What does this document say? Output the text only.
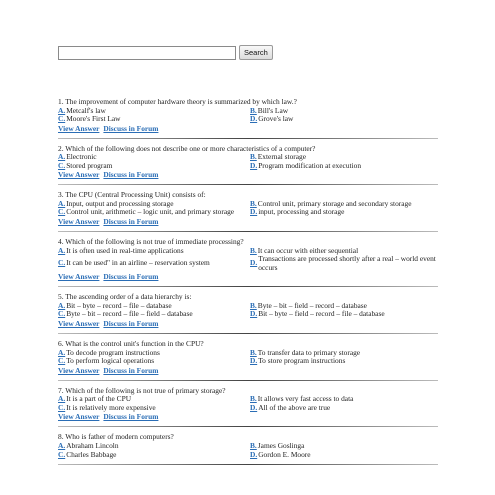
Search
1. The improvement of computer hardware theory is summarized by which law.?
A. Metcalf's law	B. Bill's Law
C. Moore's First Law	D. Grove's law
View Answer Discuss in Forum
2. Which of the following does not describe one or more characteristics of a computer?
A. Electronic	B. External storage
C. Stored program	D. Program modification at execution
View Answer Discuss in Forum
3. The CPU (Central Processing Unit) consists of:
A. Input, output and processing storage	B. Control unit, primary storage and secondary storage
C. Control unit, arithmetic – logic unit, and primary storage D. input, processing and storage
View Answer Discuss in Forum
4. Which of the following is not true of immediate processing?
A. It is often used in real-time applications	B. It can occur with either sequential
C. It can be used" in an airline – reservation system	D. Transactions are processed shortly after a real – world event occurs
View Answer Discuss in Forum
5. The ascending order of a data hierarchy is:
A. Bit – byte – record – file – database	B. Byte – bit – field – record – database
C. Byte – bit – record – file – field – database	D. Bit – byte – field – record – file – database
View Answer Discuss in Forum
6. What is the control unit's function in the CPU?
A. To decode program instructions	B. To transfer data to primary storage
C. To perform logical operations	D. To store program instructions
View Answer Discuss in Forum
7. Which of the following is not true of primary storage?
A. It is a part of the CPU	B. It allows very fast access to data
C. It is relatively more expensive	D. All of the above are true
View Answer Discuss in Forum
8. Who is father of modern computers?
A. Abraham Lincoln	B. James Goslinga
C. Charles Babbage	D. Gordon E. Moore
